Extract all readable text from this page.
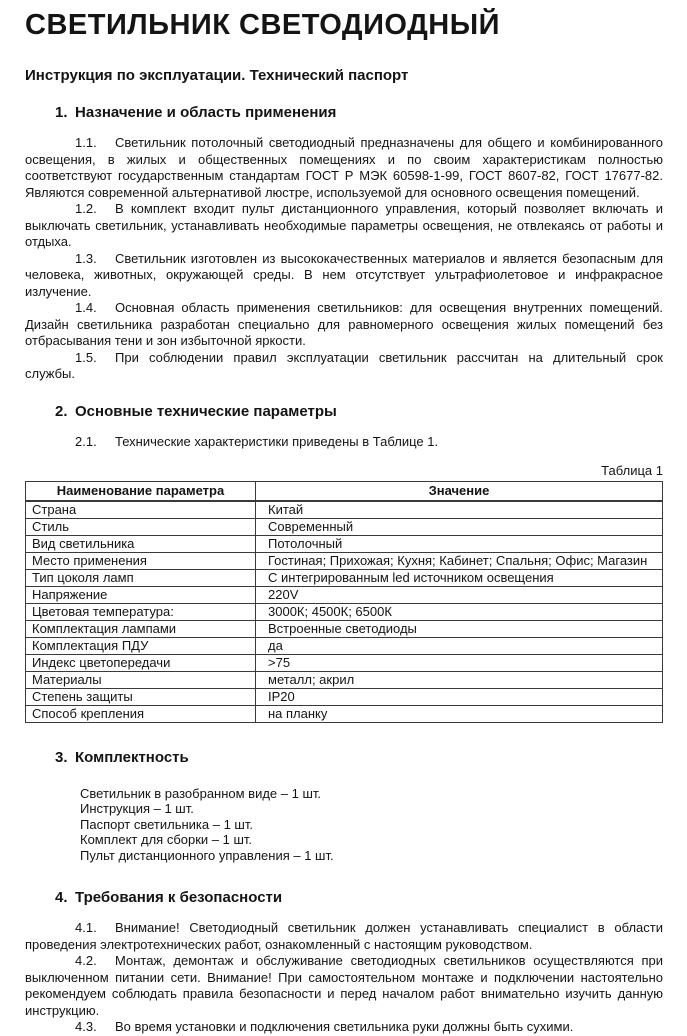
СВЕТИЛЬНИК СВЕТОДИОДНЫЙ
Инструкция по эксплуатации. Технический паспорт
1. Назначение и область применения

1.1. Светильник потолочный светодиодный предназначены для общего и комбинированного освещения, в жилых и общественных помещениях и по своим характеристикам полностью соответствуют государственным стандартам ГОСТ Р МЭК 60598-1-99, ГОСТ 8607-82, ГОСТ 17677-82. Являются современной альтернативой люстре, используемой для основного освещения помещений.

1.2. В комплект входит пульт дистанционного управления, который позволяет включать и выключать светильник, устанавливать необходимые параметры освещения, не отвлекаясь от работы и отдыха.

1.3. Светильник изготовлен из высококачественных материалов и является безопасным для человека, животных, окружающей среды. В нем отсутствует ультрафиолетовое и инфракрасное излучение.

1.4. Основная область применения светильников: для освещения внутренних помещений. Дизайн светильника разработан специально для равномерного освещения жилых помещений без отбрасывания тени и зон избыточной яркости.

1.5. При соблюдении правил эксплуатации светильник рассчитан на длительный срок службы.

2. Основные технические параметры

2.1. Технические характеристики приведены в Таблице 1.

Таблица 1
Наименование параметра	Значение
Страна	Китай
Стиль	Современный
Вид светильника	Потолочный
Место применения	Гостиная; Прихожая; Кухня; Кабинет; Спальня; Офис; Магазин
Тип цоколя ламп	С интегрированным led источником освещения
Напряжение	220V
Цветовая температура:	3000К; 4500К; 6500К
Комплектация лампами	Встроенные светодиоды
Комплектация ПДУ	да
Индекс цветопередачи	>75
Материалы	металл; акрил
Степень защиты	IP20
Способ крепления	на планку
3. Комплектность
Светильник в разобранном виде – 1 шт.
Инструкция – 1 шт.
Паспорт светильника – 1 шт.
Комплект для сборки – 1 шт.
Пульт дистанционного управления – 1 шт.
4. Требования к безопасности

4.1. Внимание! Светодиодный светильник должен устанавливать специалист в области проведения электротехнических работ, ознакомленный с настоящим руководством.

4.2. Монтаж, демонтаж и обслуживание светодиодных светильников осуществляются при выключенном питании сети. Внимание! При самостоятельном монтаже и подключении настоятельно рекомендуем соблюдать правила безопасности и перед началом работ внимательно изучить данную инструкцию.

4.3. Во время установки и подключения светильника руки должны быть сухими.
